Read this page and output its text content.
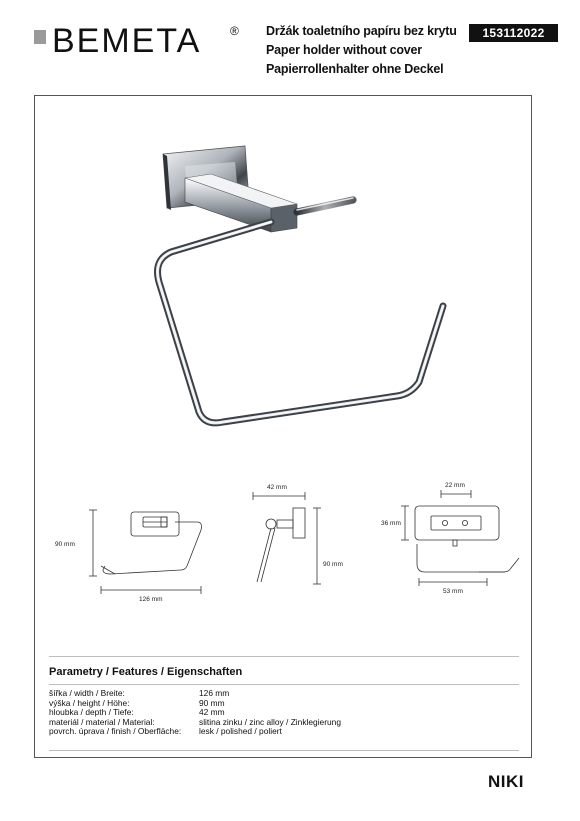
BEMETA ® Držák toaletního papíru bez krytu
Paper holder without cover
Papierrollenhalter ohne Deckel
153112022
90 mm
126 mm
42 mm
90 mm
22 mm
36 mm
53 mm
Parametry / Features / Eigenschaften
šířka / width / Breite:	126 mm
výška / height / Höhe:	90 mm
hloubka / depth / Tiefe:	42 mm
materiál / material / Material:	slitina zinku / zinc alloy / Zinklegierung
povrch. úprava / finish / Oberfläche:	lesk / polished / poliert
NIKI
